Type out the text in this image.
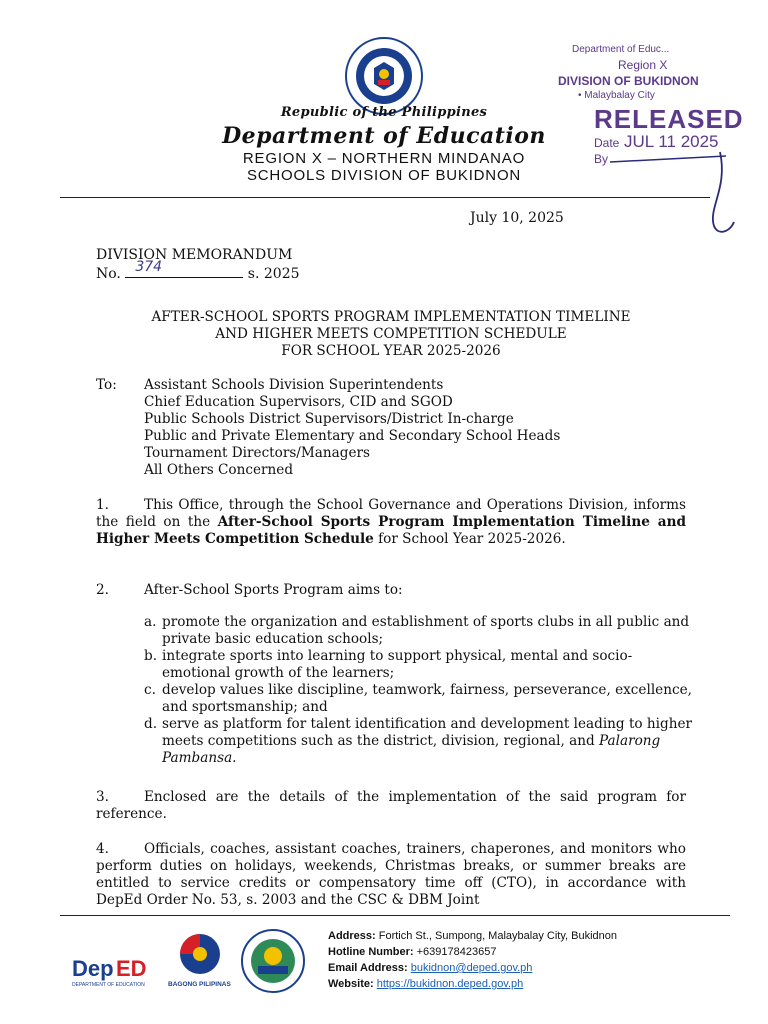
Republic of the Philippines
Department of Education
REGION X – NORTHERN MINDANAO
SCHOOLS DIVISION OF BUKIDNON
Department of Educ...
Region X
DIVISION OF BUKIDNON
• Malaybalay City
RELEASED
Date JUL 11 2025
By
July 10, 2025
DIVISION MEMORANDUM
No. 374	s. 2025
AFTER-SCHOOL SPORTS PROGRAM IMPLEMENTATION TIMELINE
AND HIGHER MEETS COMPETITION SCHEDULE
FOR SCHOOL YEAR 2025-2026
To: Assistant Schools Division Superintendents
Chief Education Supervisors, CID and SGOD
Public Schools District Supervisors/District In-charge
Public and Private Elementary and Secondary School Heads
Tournament Directors/Managers
All Others Concerned
1.	This Office, through the School Governance and Operations Division, informs the field on the After-School Sports Program Implementation Timeline and Higher Meets Competition Schedule for School Year 2025-2026.
2.	After-School Sports Program aims to:
a. promote the organization and establishment of sports clubs in all public and private basic education schools;
b. integrate sports into learning to support physical, mental and socio-emotional growth of the learners;
c. develop values like discipline, teamwork, fairness, perseverance, excellence, and sportsmanship; and
d. serve as platform for talent identification and development leading to higher meets competitions such as the district, division, regional, and Palarong Pambansa.
3.	Enclosed are the details of the implementation of the said program for reference.
4.	Officials, coaches, assistant coaches, trainers, chaperones, and monitors who perform duties on holidays, weekends, Christmas breaks, or summer breaks are entitled to service credits or compensatory time off (CTO), in accordance with DepEd Order No. 53, s. 2003 and the CSC & DBM Joint
Dep ED
DEPARTMENT OF EDUCATION	BAGONG PILIPINAS
Address: Fortich St., Sumpong, Malaybalay City, Bukidnon
Hotline Number: +639178423657
Email Address: bukidnon@deped.gov.ph
Website: https://bukidnon.deped.gov.ph
